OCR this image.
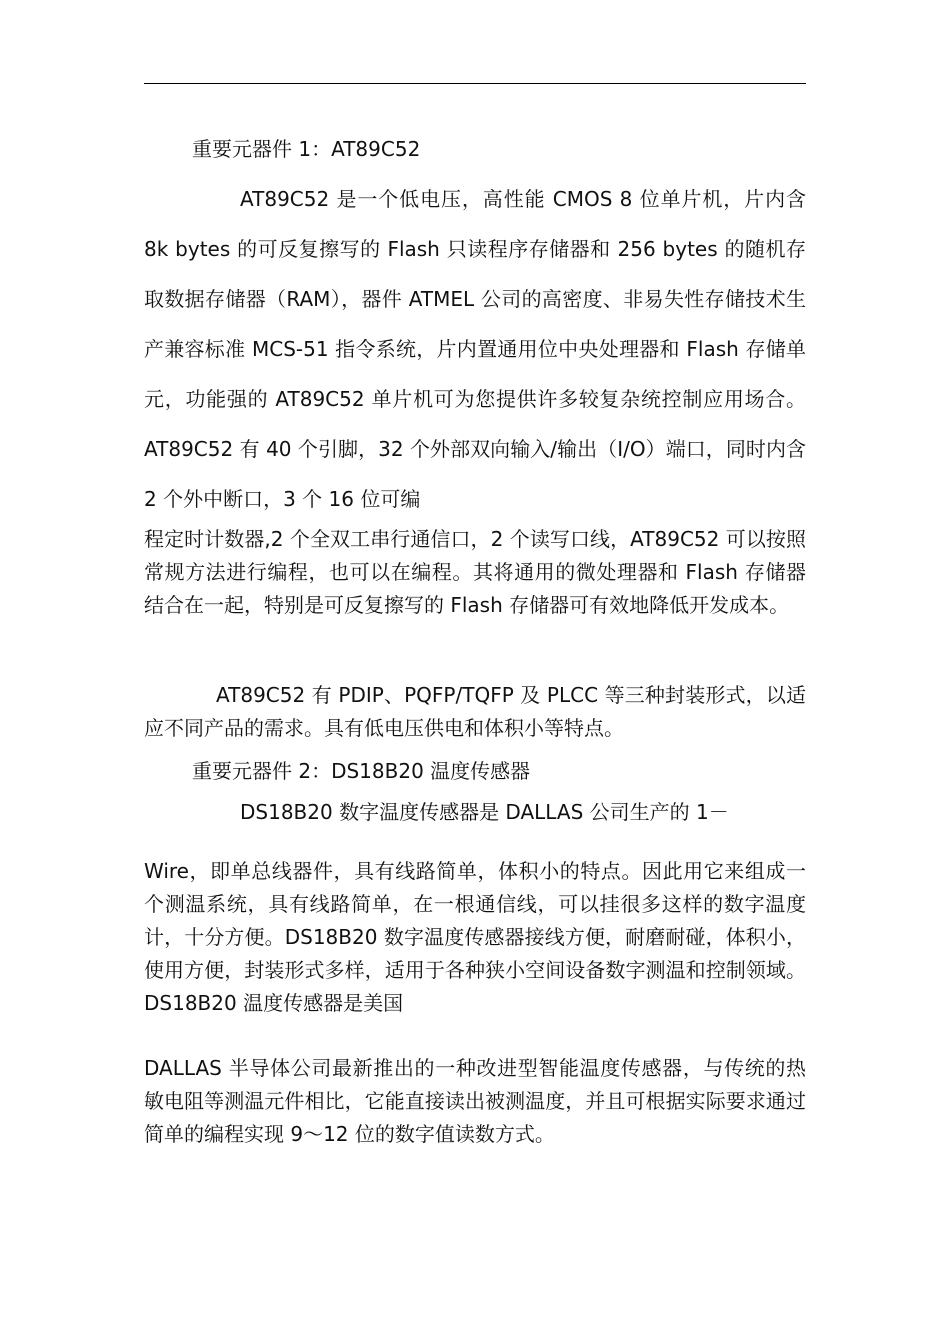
重要元器件 1：AT89C52

AT89C52 是一个低电压，高性能 CMOS 8 位单片机，片内含 8k bytes 的可反复擦写的 Flash 只读程序存储器和 256 bytes 的随机存取数据存储器（RAM），器件 ATMEL 公司的高密度、非易失性存储技术生产兼容标准 MCS-51 指令系统，片内置通用位中央处理器和 Flash 存储单元，功能强的 AT89C52 单片机可为您提供许多较复杂统控制应用场合。AT89C52 有 40 个引脚，32 个外部双向输入/输出（I/O）端口，同时内含 2 个外中断口，3 个 16 位可编

程定时计数器,2 个全双工串行通信口，2 个读写口线，AT89C52 可以按照常规方法进行编程，也可以在编程。其将通用的微处理器和 Flash 存储器结合在一起，特别是可反复擦写的 Flash 存储器可有效地降低开发成本。

AT89C52 有 PDIP、PQFP/TQFP 及 PLCC 等三种封装形式，以适应不同产品的需求。具有低电压供电和体积小等特点。

重要元器件 2：DS18B20 温度传感器

DS18B20 数字温度传感器是 DALLAS 公司生产的 1－

Wire，即单总线器件，具有线路简单，体积小的特点。因此用它来组成一个测温系统，具有线路简单，在一根通信线，可以挂很多这样的数字温度计，十分方便。DS18B20 数字温度传感器接线方便，耐磨耐碰，体积小，使用方便，封装形式多样，适用于各种狭小空间设备数字测温和控制领域。DS18B20 温度传感器是美国

DALLAS 半导体公司最新推出的一种改进型智能温度传感器，与传统的热敏电阻等测温元件相比，它能直接读出被测温度，并且可根据实际要求通过简单的编程实现 9～12 位的数字值读数方式。
